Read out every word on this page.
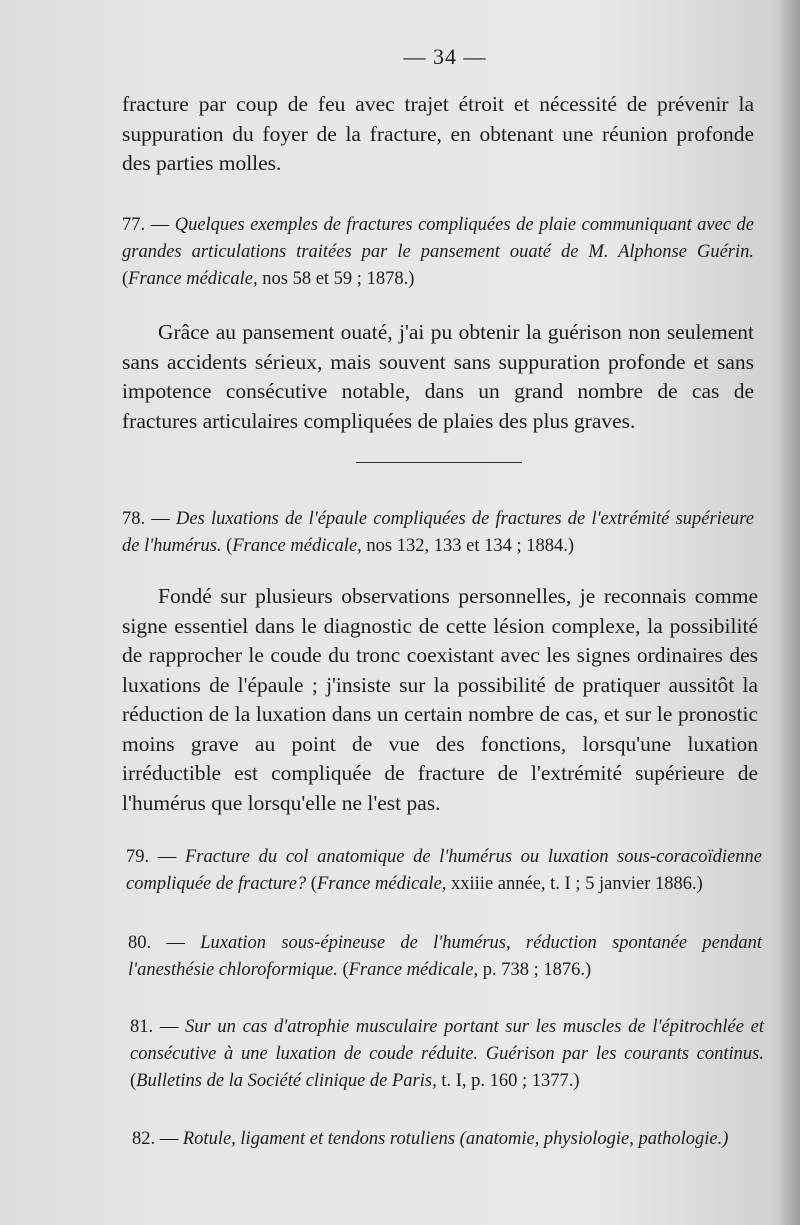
— 34 —

fracture par coup de feu avec trajet étroit et nécessité de prévenir la suppuration du foyer de la fracture, en obtenant une réunion profonde des parties molles.

77. — Quelques exemples de fractures compliquées de plaie communiquant avec de grandes articulations traitées par le pansement ouaté de M. Alphonse Guérin. (France médicale, nos 58 et 59 ; 1878.)

Grâce au pansement ouaté, j'ai pu obtenir la guérison non seulement sans accidents sérieux, mais souvent sans suppuration profonde et sans impotence consécutive notable, dans un grand nombre de cas de fractures articulaires compliquées de plaies des plus graves.

78. — Des luxations de l'épaule compliquées de fractures de l'extrémité supérieure de l'humérus. (France médicale, nos 132, 133 et 134 ; 1884.)

Fondé sur plusieurs observations personnelles, je reconnais comme signe essentiel dans le diagnostic de cette lésion complexe, la possibilité de rapprocher le coude du tronc coexistant avec les signes ordinaires des luxations de l'épaule ; j'insiste sur la possibilité de pratiquer aussitôt la réduction de la luxation dans un certain nombre de cas, et sur le pronostic moins grave au point de vue des fonctions, lorsqu'une luxation irréductible est compliquée de fracture de l'extrémité supérieure de l'humérus que lorsqu'elle ne l'est pas.

79. — Fracture du col anatomique de l'humérus ou luxation sous-coracoïdienne compliquée de fracture? (France médicale, xxiiie année, t. I ; 5 janvier 1886.)

80. — Luxation sous-épineuse de l'humérus, réduction spontanée pendant l'anesthésie chloroformique. (France médicale, p. 738 ; 1876.)

81. — Sur un cas d'atrophie musculaire portant sur les muscles de l'épitrochlée et consécutive à une luxation de coude réduite. Guérison par les courants continus. (Bulletins de la Société clinique de Paris, t. I, p. 160 ; 1377.)

82. — Rotule, ligament et tendons rotuliens (anatomie, physiologie, pathologie.)
